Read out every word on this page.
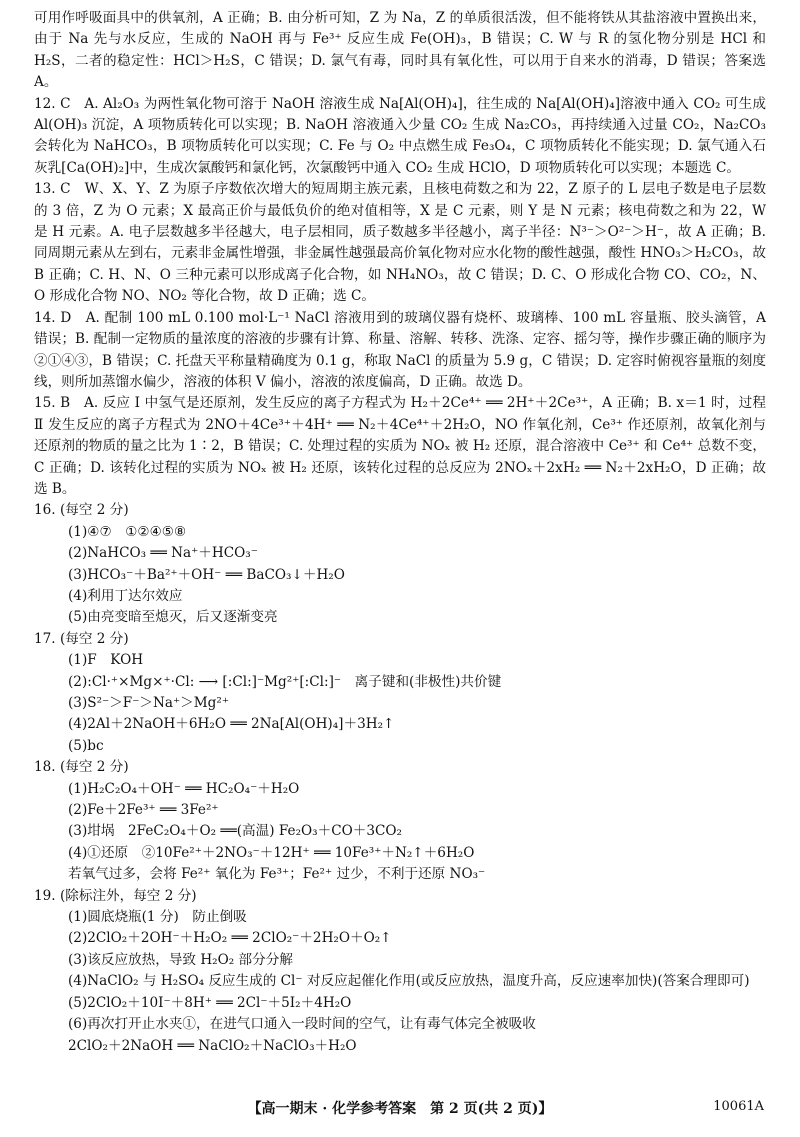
可用作呼吸面具中的供氧剂，A 正确；B. 由分析可知，Z 为 Na，Z 的单质很活泼，但不能将铁从其盐溶液中置换出来，由于 Na 先与水反应，生成的 NaOH 再与 Fe³⁺ 反应生成 Fe(OH)₃，B 错误；C. W 与 R 的氢化物分别是 HCl 和 H₂S，二者的稳定性：HCl＞H₂S，C 错误；D. 氯气有毒，同时具有氧化性，可以用于自来水的消毒，D 错误；答案选 A。
12. C　A. Al₂O₃ 为两性氧化物可溶于 NaOH 溶液生成 Na[Al(OH)₄]，往生成的 Na[Al(OH)₄]溶液中通入 CO₂ 可生成 Al(OH)₃ 沉淀，A 项物质转化可以实现；B. NaOH 溶液通入少量 CO₂ 生成 Na₂CO₃，再持续通入过量 CO₂，Na₂CO₃ 会转化为 NaHCO₃，B 项物质转化可以实现；C. Fe 与 O₂ 中点燃生成 Fe₃O₄，C 项物质转化不能实现；D. 氯气通入石灰乳[Ca(OH)₂]中，生成次氯酸钙和氯化钙，次氯酸钙中通入 CO₂ 生成 HClO，D 项物质转化可以实现；本题选 C。
13. C　W、X、Y、Z 为原子序数依次增大的短周期主族元素，且核电荷数之和为 22，Z 原子的 L 层电子数是电子层数的 3 倍，Z 为 O 元素；X 最高正价与最低负价的绝对值相等，X 是 C 元素，则 Y 是 N 元素；核电荷数之和为 22，W 是 H 元素。A. 电子层数越多半径越大，电子层相同，质子数越多半径越小，离子半径：N³⁻＞O²⁻＞H⁻，故 A 正确；B. 同周期元素从左到右，元素非金属性增强，非金属性越强最高价氧化物对应水化物的酸性越强，酸性 HNO₃＞H₂CO₃，故 B 正确；C. H、N、O 三种元素可以形成离子化合物，如 NH₄NO₃，故 C 错误；D. C、O 形成化合物 CO、CO₂，N、O 形成化合物 NO、NO₂ 等化合物，故 D 正确；选 C。
14. D　A. 配制 100 mL 0.100 mol·L⁻¹ NaCl 溶液用到的玻璃仪器有烧杯、玻璃棒、100 mL 容量瓶、胶头滴管，A 错误；B. 配制一定物质的量浓度的溶液的步骤有计算、称量、溶解、转移、洗涤、定容、摇匀等，操作步骤正确的顺序为②①④③，B 错误；C. 托盘天平称量精确度为 0.1 g，称取 NaCl 的质量为 5.9 g，C 错误；D. 定容时俯视容量瓶的刻度线，则所加蒸馏水偏少，溶液的体积 V 偏小，溶液的浓度偏高，D 正确。故选 D。
15. B　A. 反应 Ⅰ 中氢气是还原剂，发生反应的离子方程式为 H₂＋2Ce⁴⁺ ══ 2H⁺＋2Ce³⁺，A 正确；B. x＝1 时，过程 Ⅱ 发生反应的离子方程式为 2NO＋4Ce³⁺＋4H⁺ ══ N₂＋4Ce⁴⁺＋2H₂O，NO 作氧化剂，Ce³⁺ 作还原剂，故氧化剂与还原剂的物质的量之比为 1∶2，B 错误；C. 处理过程的实质为 NOₓ 被 H₂ 还原，混合溶液中 Ce³⁺ 和 Ce⁴⁺ 总数不变，C 正确；D. 该转化过程的实质为 NOₓ 被 H₂ 还原，该转化过程的总反应为 2NOₓ＋2xH₂ ══ N₂＋2xH₂O，D 正确；故选 B。
16. (每空 2 分)
(1)④⑦　①②④⑤⑧
(2)NaHCO₃ ══ Na⁺＋HCO₃⁻
(3)HCO₃⁻＋Ba²⁺＋OH⁻ ══ BaCO₃↓＋H₂O
(4)利用丁达尔效应
(5)由亮变暗至熄灭，后又逐渐变亮
17. (每空 2 分)
(1)F　KOH
(2):Cl·⁺×Mg×⁺·Cl: ⟶ [:Cl:]⁻Mg²⁺[:Cl:]⁻　离子键和(非极性)共价键
(3)S²⁻＞F⁻＞Na⁺＞Mg²⁺
(4)2Al＋2NaOH＋6H₂O ══ 2Na[Al(OH)₄]＋3H₂↑
(5)bc
18. (每空 2 分)
(1)H₂C₂O₄＋OH⁻ ══ HC₂O₄⁻＋H₂O
(2)Fe＋2Fe³⁺ ══ 3Fe²⁺
(3)坩埚　2FeC₂O₄＋O₂ ══(高温) Fe₂O₃＋CO＋3CO₂
(4)①还原　②10Fe²⁺＋2NO₃⁻＋12H⁺ ══ 10Fe³⁺＋N₂↑＋6H₂O
若氧气过多，会将 Fe²⁺ 氧化为 Fe³⁺；Fe²⁺ 过少，不利于还原 NO₃⁻
19. (除标注外，每空 2 分)
(1)圆底烧瓶(1 分)　防止倒吸
(2)2ClO₂＋2OH⁻＋H₂O₂ ══ 2ClO₂⁻＋2H₂O＋O₂↑
(3)该反应放热，导致 H₂O₂ 部分分解
(4)NaClO₂ 与 H₂SO₄ 反应生成的 Cl⁻ 对反应起催化作用(或反应放热，温度升高，反应速率加快)(答案合理即可)
(5)2ClO₂＋10I⁻＋8H⁺ ══ 2Cl⁻＋5I₂＋4H₂O
(6)再次打开止水夹①，在进气口通入一段时间的空气，让有毒气体完全被吸收
2ClO₂＋2NaOH ══ NaClO₂＋NaClO₃＋H₂O
【高一期末 · 化学参考答案　第 2 页(共 2 页)】	10061A
